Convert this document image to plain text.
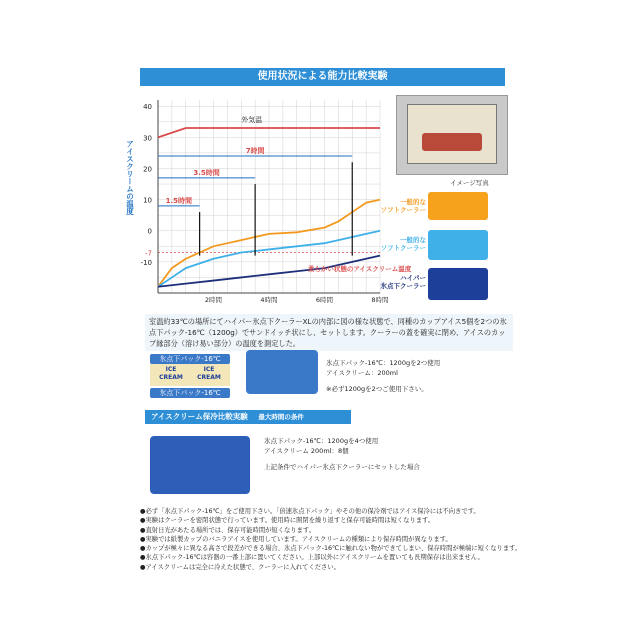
使用状況による能力比較実験
40
30
20
10
0
-10
2時間	4時間	6時間	8時間
アイスクリームの温度
-7
外気温
7時間
3.5時間
1.5時間
柔らかい状態のアイスクリーム温度
イメージ写真
一般的な
ソフトクーラー
一般的な
ソフトクーラー
ハイパー
氷点下クーラー
室温約33℃の場所にてハイパー氷点下クーラーXLの内部に図の様な状態で、同種のカップアイス5個を2つの氷点下パック-16℃（1200g）でサンドイッチ状にし、セットします。クーラーの蓋を確実に閉め、アイスのカップ縁部分（溶け易い部分）の温度を測定した。
氷点下パック-16℃
ICE
CREAM
ICE
CREAM
氷点下パック-16℃
氷点下パック-16℃：1200gを2つ使用
アイスクリーム：200ml
※必ず1200gを2つご使用下さい。
アイスクリーム保冷比較実験 最大時間の条件
氷点下パック-16℃：1200gを4つ使用
アイスクリーム 200ml：8個
上記条件でハイパー氷点下クーラーにセットした場合
●必ず「氷点下パック-16℃」をご使用下さい。「倍速氷点下パック」やその他の保冷剤ではアイス保冷には不向きです。
●実験はクーラーを密閉状態で行っています。使用時に開閉を繰り返すと保存可能時間は短くなります。
●直射日光があたる場所では、保存可能時間が短くなります。
●実験では紙製カップのバニラアイスを使用しています。アイスクリームの種類により保存時間が異なります。
●カップが極々に異なる高さで段差ができる場合、氷点下パック-16℃に触れない物ができてしまい、保存時間が極端に短くなります。
●氷点下パック-16℃は容器の一番上部に置いてください。上部以外にアイスクリームを置いても長期保存は出来ません。
●アイスクリームは完全に冷えた状態で、クーラーに入れてください。
